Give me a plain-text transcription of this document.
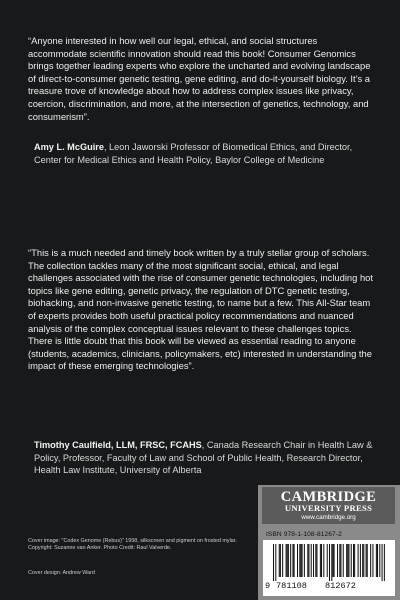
“Anyone interested in how well our legal, ethical, and social structures accommodate scientific innovation should read this book! Consumer Genomics brings together leading experts who explore the uncharted and evolving landscape of direct-to-consumer genetic testing, gene editing, and do-it-yourself biology. It’s a treasure trove of knowledge about how to address complex issues like privacy, coercion, discrimination, and more, at the intersection of genetics, technology, and consumerism”.

Amy L. McGuire, Leon Jaworski Professor of Biomedical Ethics, and Director, Center for Medical Ethics and Health Policy, Baylor College of Medicine

“This is a much needed and timely book written by a truly stellar group of scholars. The collection tackles many of the most significant social, ethical, and legal challenges associated with the rise of consumer genetic technologies, including hot topics like gene editing, genetic privacy, the regulation of DTC genetic testing, biohacking, and non-invasive genetic testing, to name but a few. This All-Star team of experts provides both useful practical policy recommendations and nuanced analysis of the complex conceptual issues relevant to these challenges topics. There is little doubt that this book will be viewed as essential reading to anyone (students, academics, clinicians, policymakers, etc) interested in understanding the impact of these emerging technologies”.

Timothy Caulfield, LLM, FRSC, FCAHS, Canada Research Chair in Health Law & Policy, Professor, Faculty of Law and School of Public Health, Research Director, Health Law Institute, University of Alberta

Cover image: "Codex Genome (Rebus)" 1998, silkscreen and pigment on frosted mylar. Copyright: Suzanne van Anker. Photo Credit: Raul Valverde.

Cover design: Andrew Ward

CAMBRIDGE
UNIVERSITY PRESS
www.cambridge.org
ISBN 978-1-108-81267-2
9 781108 812672
